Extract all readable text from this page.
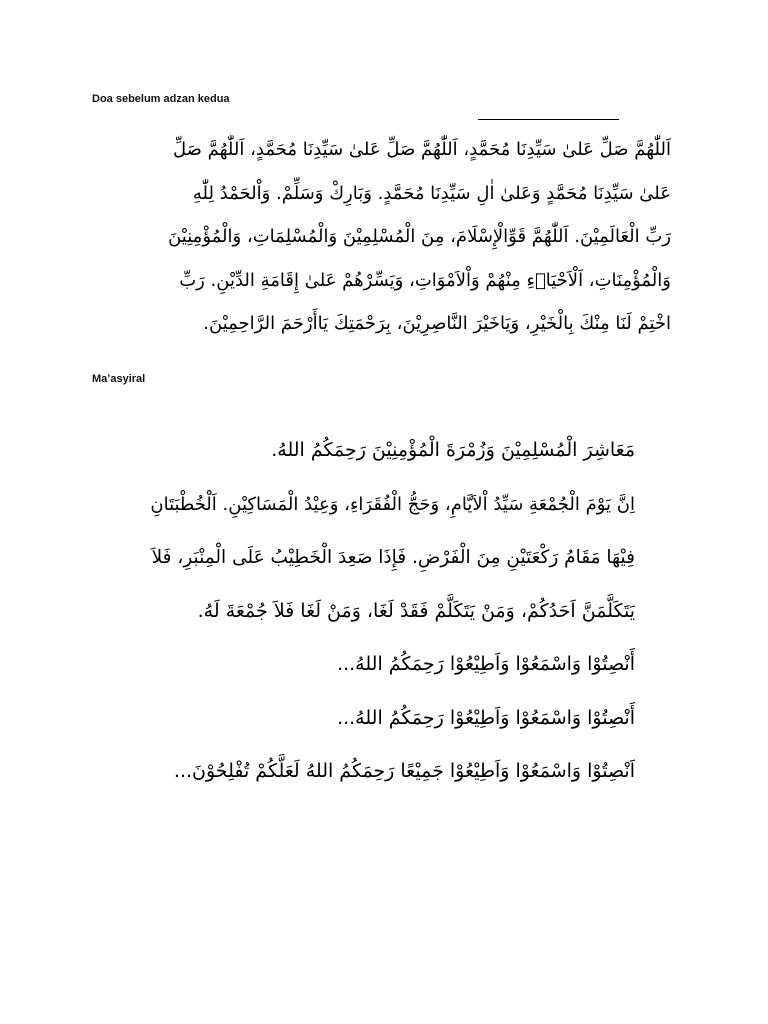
Doa sebelum adzan kedua
اَللّٰهُمَّ صَلِّ عَلىٰ سَيِّدِنَا مُحَمَّدٍ، اَللّٰهُمَّ صَلِّ عَلىٰ سَيِّدِنَا مُحَمَّدٍ، اَللّٰهُمَّ صَلِّ
عَلىٰ سَيِّدِنَا مُحَمَّدٍ وَعَلىٰ اٰلِ سَيِّدِنَا مُحَمَّدٍ. وَبَارِكْ وَسَلِّمْ. وَاْلحَمْدُ لِلّٰهِ
رَبِّ الْعَالَمِيْنَ. اَللّٰهُمَّ قَوِّالْإِسْلَامَ، مِنَ الْمُسْلِمِيْنَ وَالْمُسْلِمَاتِ، وَالْمُؤْمِنِيْنَ
وَالْمُؤْمِنَاتِ، اَلْاَحْيَاۤءِ مِنْهُمْ وَاْلاَمْوَاتِ، وَيَسِّرْهُمْ عَلىٰ إِقَامَةِ الدِّيْنِ. رَبِّ
اخْتِمْ لَنَا مِنْكَ بِالْخَيْرِ، وَيَاخَيْرَ النَّاصِرِيْنَ، بِرَحْمَتِكَ يَاأَرْحَمَ الرَّاحِمِيْنَ.
Ma’asyiral
مَعَاشِرَ الْمُسْلِمِيْنَ وَزُمْرَةَ الْمُؤْمِنِيْنَ رَحِمَكُمُ اللهُ.
اِنَّ يَوْمَ الْجُمْعَةِ سَيِّدُ اْلاَيَّامِ، وَحَجُّ الْفُقَرَاءِ، وَعِيْدُ الْمَسَاكِيْنِ. اَلْخُطْبَتَانِ
فِيْهَا مَقَامُ رَكْعَتَيْنِ مِنَ الْفَرْضِ. فَإِذَا صَعِدَ الْخَطِيْبُ عَلَى الْمِنْبَرِ، فَلاَ
يَتَكَلَّمَنَّ اَحَدُكُمْ، وَمَنْ يَتَكَلَّمْ فَقَدْ لَغَا، وَمَنْ لَغَا فَلاَ جُمْعَةَ لَهُ.
أَنْصِتُوْا وَاسْمَعُوْا وَاَطِيْعُوْا رَحِمَكُمُ اللهُ...
أَنْصِتُوْا وَاسْمَعُوْا وَاَطِيْعُوْا رَحِمَكُمُ اللهُ...
اَنْصِتُوْا وَاسْمَعُوْا وَاَطِيْعُوْا جَمِيْعًا رَحِمَكُمُ اللهُ لَعَلَّكُمْ تُفْلِحُوْنَ...
